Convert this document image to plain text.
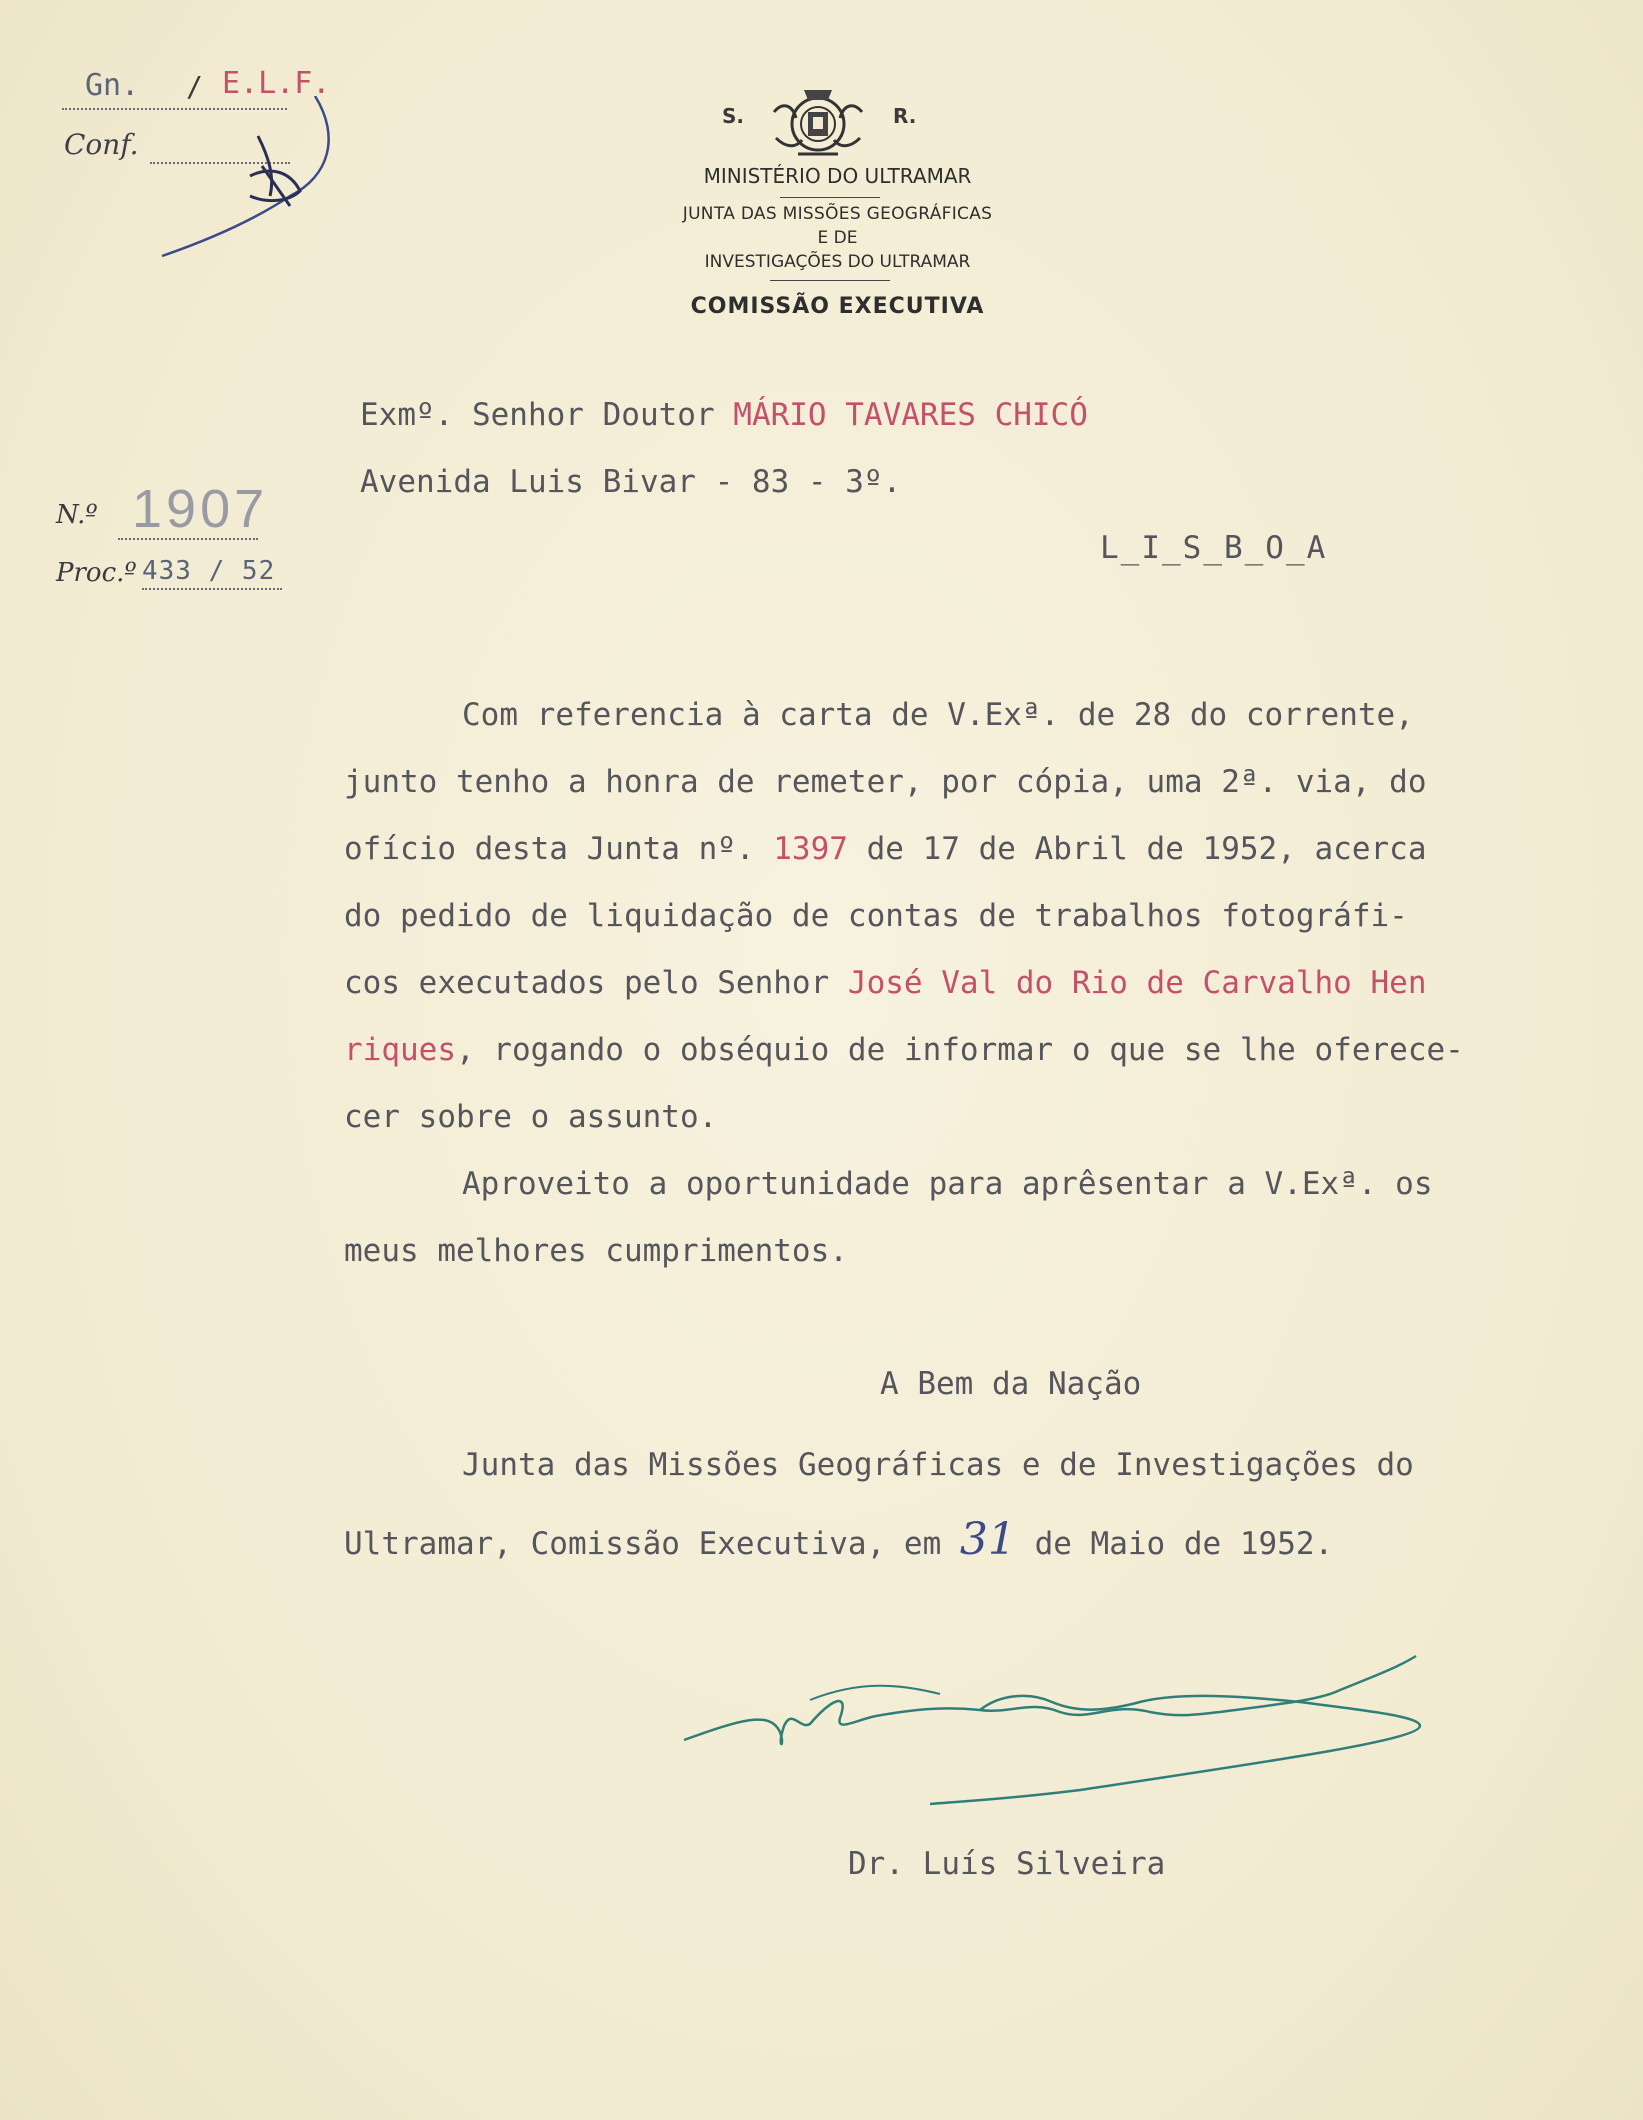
Gn. / E.L.F.
Conf.
S.	R.
MINISTÉRIO DO ULTRAMAR
JUNTA DAS MISSÕES GEOGRÁFICAS
E DE
INVESTIGAÇÕES DO ULTRAMAR
COMISSÃO EXECUTIVA
Exmº. Senhor Doutor MÁRIO TAVARES CHICÓ
Avenida Luis Bivar - 83 - 3º.
L_I_S_B_O_A
N.º 1907
Proc.º 433 / 52
Com referencia à carta de V.Exª. de 28 do corrente,
junto tenho a honra de remeter, por cópia, uma 2ª. via, do
ofício desta Junta nº. 1397 de 17 de Abril de 1952, acerca
do pedido de liquidação de contas de trabalhos fotográfi-
cos executados pelo Senhor José Val do Rio de Carvalho Hen
riques, rogando o obséquio de informar o que se lhe oferece-
cer sobre o assunto.
Aproveito a oportunidade para aprêsentar a V.Exª. os
meus melhores cumprimentos.
A Bem da Nação
Junta das Missões Geográficas e de Investigações do
Ultramar, Comissão Executiva, em 31 de Maio de 1952.
Dr. Luís Silveira
